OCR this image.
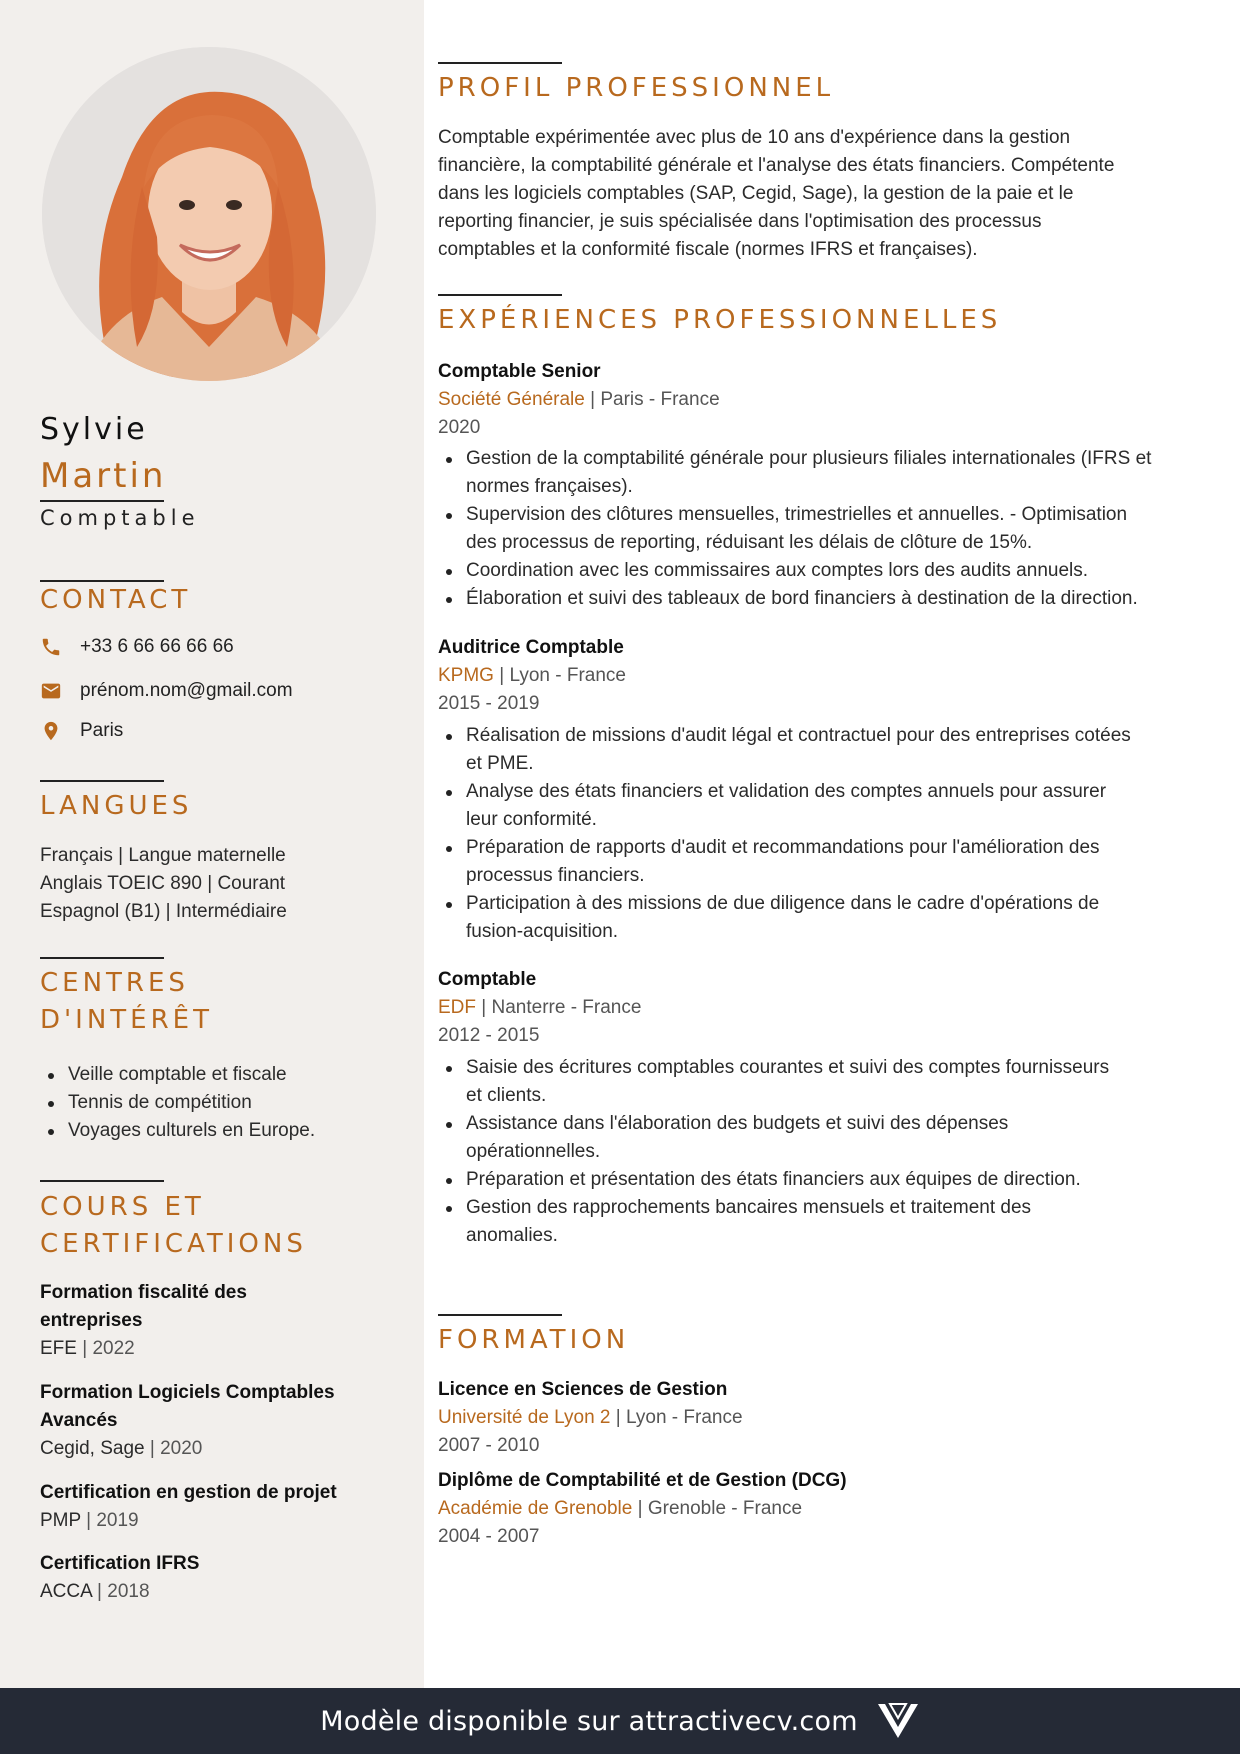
Sylvie
Martin
Comptable
CONTACT
+33 6 66 66 66 66
prénom.nom@gmail.com
Paris
LANGUES
Français | Langue maternelle
Anglais TOEIC 890 | Courant
Espagnol (B1) | Intermédiaire
CENTRES
D'INTÉRÊT
Veille comptable et fiscale
Tennis de compétition
Voyages culturels en Europe.
COURS ET
CERTIFICATIONS
Formation fiscalité des
entreprises
EFE | 2022
Formation Logiciels Comptables
Avancés
Cegid, Sage | 2020
Certification en gestion de projet
PMP | 2019
Certification IFRS
ACCA | 2018
PROFIL PROFESSIONNEL
Comptable expérimentée avec plus de 10 ans d'expérience dans la gestion
financière, la comptabilité générale et l'analyse des états financiers. Compétente
dans les logiciels comptables (SAP, Cegid, Sage), la gestion de la paie et le
reporting financier, je suis spécialisée dans l'optimisation des processus
comptables et la conformité fiscale (normes IFRS et françaises).
EXPÉRIENCES PROFESSIONNELLES
Comptable Senior
Société Générale | Paris - France
2020
Gestion de la comptabilité générale pour plusieurs filiales internationales (IFRS et
normes françaises).
Supervision des clôtures mensuelles, trimestrielles et annuelles. - Optimisation
des processus de reporting, réduisant les délais de clôture de 15%.
Coordination avec les commissaires aux comptes lors des audits annuels.
Élaboration et suivi des tableaux de bord financiers à destination de la direction.
Auditrice Comptable
KPMG | Lyon - France
2015 - 2019
Réalisation de missions d'audit légal et contractuel pour des entreprises cotées
et PME.
Analyse des états financiers et validation des comptes annuels pour assurer
leur conformité.
Préparation de rapports d'audit et recommandations pour l'amélioration des
processus financiers.
Participation à des missions de due diligence dans le cadre d'opérations de
fusion-acquisition.
Comptable
EDF | Nanterre - France
2012 - 2015
Saisie des écritures comptables courantes et suivi des comptes fournisseurs
et clients.
Assistance dans l'élaboration des budgets et suivi des dépenses
opérationnelles.
Préparation et présentation des états financiers aux équipes de direction.
Gestion des rapprochements bancaires mensuels et traitement des
anomalies.
FORMATION
Licence en Sciences de Gestion
Université de Lyon 2 | Lyon - France
2007 - 2010
Diplôme de Comptabilité et de Gestion (DCG)
Académie de Grenoble | Grenoble - France
2004 - 2007
Modèle disponible sur attractivecv.com
